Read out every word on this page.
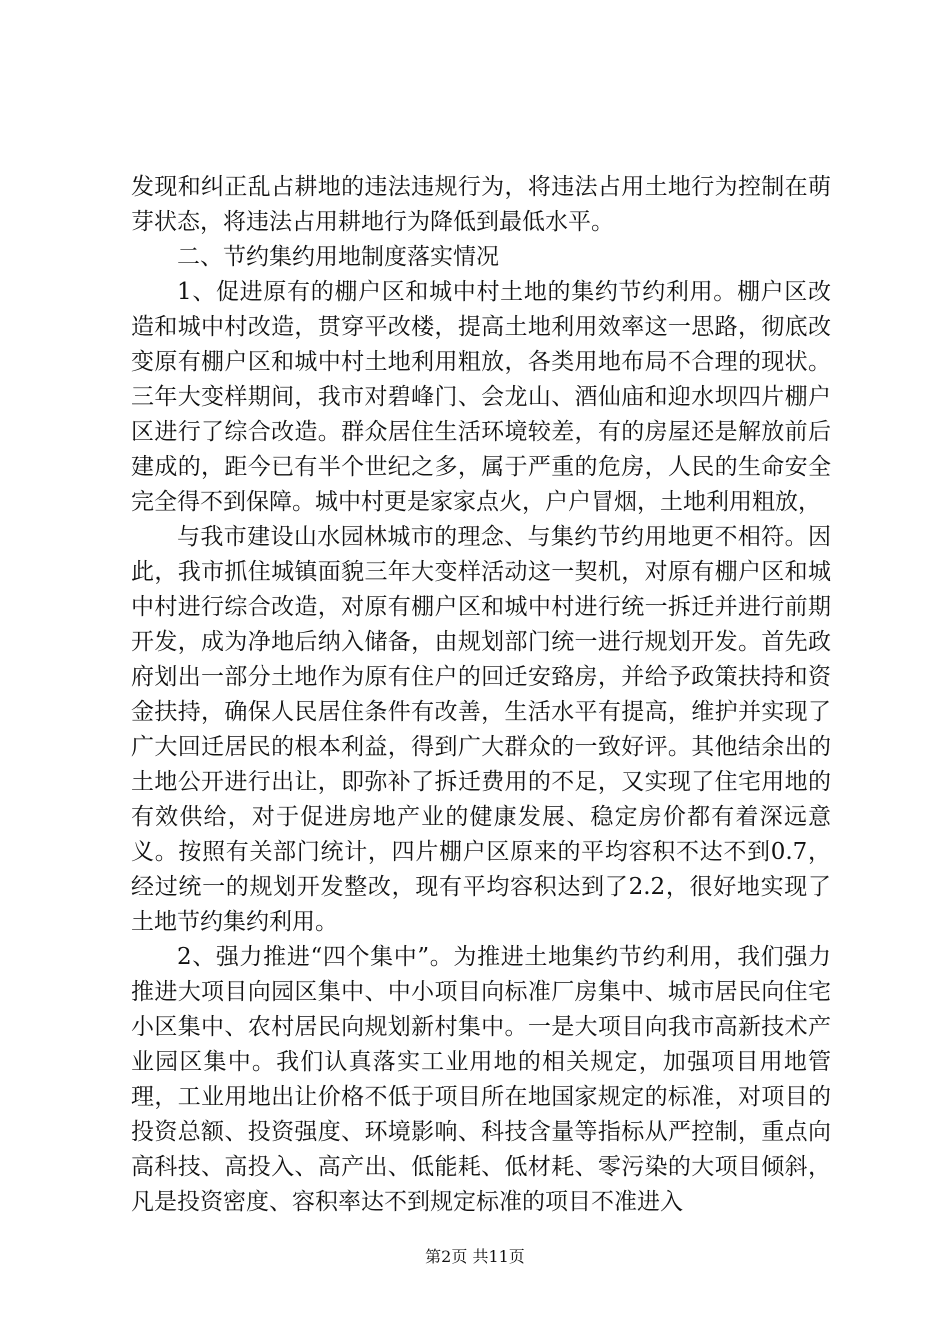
发现和纠正乱占耕地的违法违规行为，将违法占用土地行为控制在萌芽状态，将违法占用耕地行为降低到最低水平。

二、节约集约用地制度落实情况

1、促进原有的棚户区和城中村土地的集约节约利用。棚户区改造和城中村改造，贯穿平改楼，提高土地利用效率这一思路，彻底改变原有棚户区和城中村土地利用粗放，各类用地布局不合理的现状。三年大变样期间，我市对碧峰门、会龙山、酒仙庙和迎水坝四片棚户区进行了综合改造。群众居住生活环境较差，有的房屋还是解放前后建成的，距今已有半个世纪之多，属于严重的危房，人民的生命安全完全得不到保障。城中村更是家家点火，户户冒烟，土地利用粗放，

与我市建设山水园林城市的理念、与集约节约用地更不相符。因此，我市抓住城镇面貌三年大变样活动这一契机，对原有棚户区和城中村进行综合改造，对原有棚户区和城中村进行统一拆迁并进行前期开发，成为净地后纳入储备，由规划部门统一进行规划开发。首先政府划出一部分土地作为原有住户的回迁安臵房，并给予政策扶持和资金扶持，确保人民居住条件有改善，生活水平有提高，维护并实现了广大回迁居民的根本利益，得到广大群众的一致好评。其他结余出的土地公开进行出让，即弥补了拆迁费用的不足，又实现了住宅用地的有效供给，对于促进房地产业的健康发展、稳定房价都有着深远意义。按照有关部门统计，四片棚户区原来的平均容积不达不到0.7，经过统一的规划开发整改，现有平均容积达到了2.2，很好地实现了土地节约集约利用。

2、强力推进“四个集中”。为推进土地集约节约利用，我们强力推进大项目向园区集中、中小项目向标准厂房集中、城市居民向住宅小区集中、农村居民向规划新村集中。一是大项目向我市高新技术产业园区集中。我们认真落实工业用地的相关规定，加强项目用地管理，工业用地出让价格不低于项目所在地国家规定的标准，对项目的投资总额、投资强度、环境影响、科技含量等指标从严控制，重点向高科技、高投入、高产出、低能耗、低材耗、零污染的大项目倾斜，凡是投资密度、容积率达不到规定标准的项目不准进入

第2页 共11页
